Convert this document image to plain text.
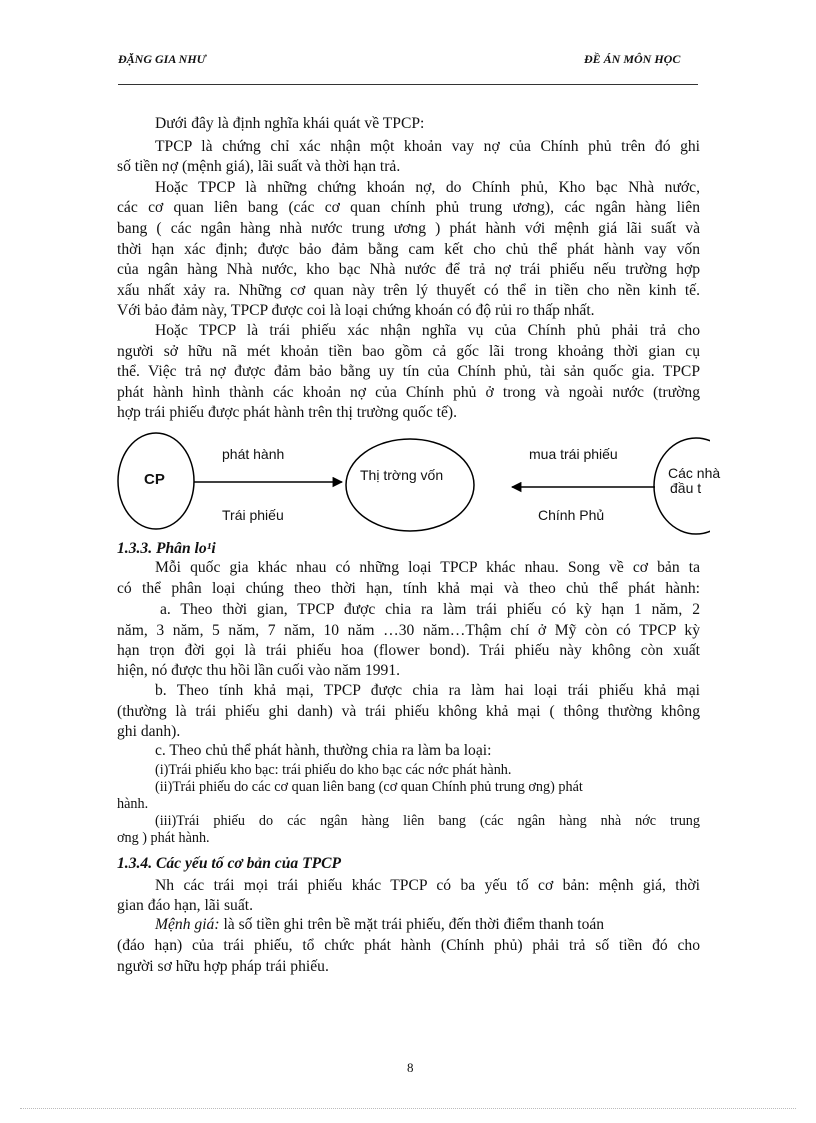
ĐẶNG GIA NHƯ	ĐỀ ÁN MÔN HỌC
Dưới đây là định nghĩa khái quát về TPCP:
TPCP là chứng chỉ xác nhận một khoản vay nợ của Chính phủ trên đó ghi
số tiền nợ (mệnh giá), lãi suất và thời hạn trả.
Hoặc TPCP là những chứng khoán nợ, do Chính phủ, Kho bạc Nhà nước,
các cơ quan liên bang (các cơ quan chính phủ trung ương), các ngân hàng liên
bang ( các ngân hàng nhà nước trung ương ) phát hành với mệnh giá lãi suất và
thời hạn xác định; được bảo đảm bằng cam kết cho chủ thể phát hành vay vốn
của ngân hàng Nhà nước, kho bạc Nhà nước để trả nợ trái phiếu nếu trường hợp
xấu nhất xảy ra. Những cơ quan này trên lý thuyết có thể in tiền cho nền kinh tế.
Với bảo đảm này, TPCP được coi là loại chứng khoán có độ rủi ro thấp nhất.
Hoặc TPCP là trái phiếu xác nhận nghĩa vụ của Chính phủ phải trả cho
người sở hữu nã mét khoản tiền bao gồm cả gốc lãi trong khoảng thời gian cụ
thể. Việc trả nợ được đảm bảo bằng uy tín của Chính phủ, tài sản quốc gia. TPCP
phát hành hình thành các khoản nợ của Chính phủ ở trong và ngoài nước (trường
hợp trái phiếu được phát hành trên thị trường quốc tế).
CP	Thị trờng vốn	Các nhà
đầu t
phát hành
Trái phiếu
mua trái phiếu
Chính Phủ
1.3.3. Phân lo¹i
Mỗi quốc gia khác nhau có những loại TPCP khác nhau. Song về cơ bản ta
có thể phân loại chúng theo thời hạn, tính khả mại và theo chủ thể phát hành:
a. Theo thời gian, TPCP được chia ra làm trái phiếu có kỳ hạn 1 năm, 2
năm, 3 năm, 5 năm, 7 năm, 10 năm …30 năm…Thậm chí ở Mỹ còn có TPCP kỳ
hạn trọn đời gọi là trái phiếu hoa (flower bond). Trái phiếu này không còn xuất
hiện, nó được thu hồi lần cuối vào năm 1991.
b. Theo tính khả mại, TPCP được chia ra làm hai loại trái phiếu khả mại
(thường là trái phiếu ghi danh) và trái phiếu không khả mại ( thông thường không
ghi danh).
c. Theo chủ thể phát hành, thường chia ra làm ba loại:
(i)Trái phiếu kho bạc: trái phiếu do kho bạc các nớc phát hành.
(ii)Trái phiếu do các cơ quan liên bang (cơ quan Chính phủ trung ơng) phát
hành.
(iii)Trái phiếu do các ngân hàng liên bang (các ngân hàng nhà nớc trung
ơng ) phát hành.
1.3.4. Các yếu tố cơ bản của TPCP
Nh các trái mọi trái phiếu khác TPCP có ba yếu tố cơ bản: mệnh giá, thời
gian đáo hạn, lãi suất.
Mệnh giá: là số tiền ghi trên bề mặt trái phiếu, đến thời điểm thanh toán
(đáo hạn) của trái phiếu, tổ chức phát hành (Chính phủ) phải trả số tiền đó cho
người sơ hữu hợp pháp trái phiếu.
8
